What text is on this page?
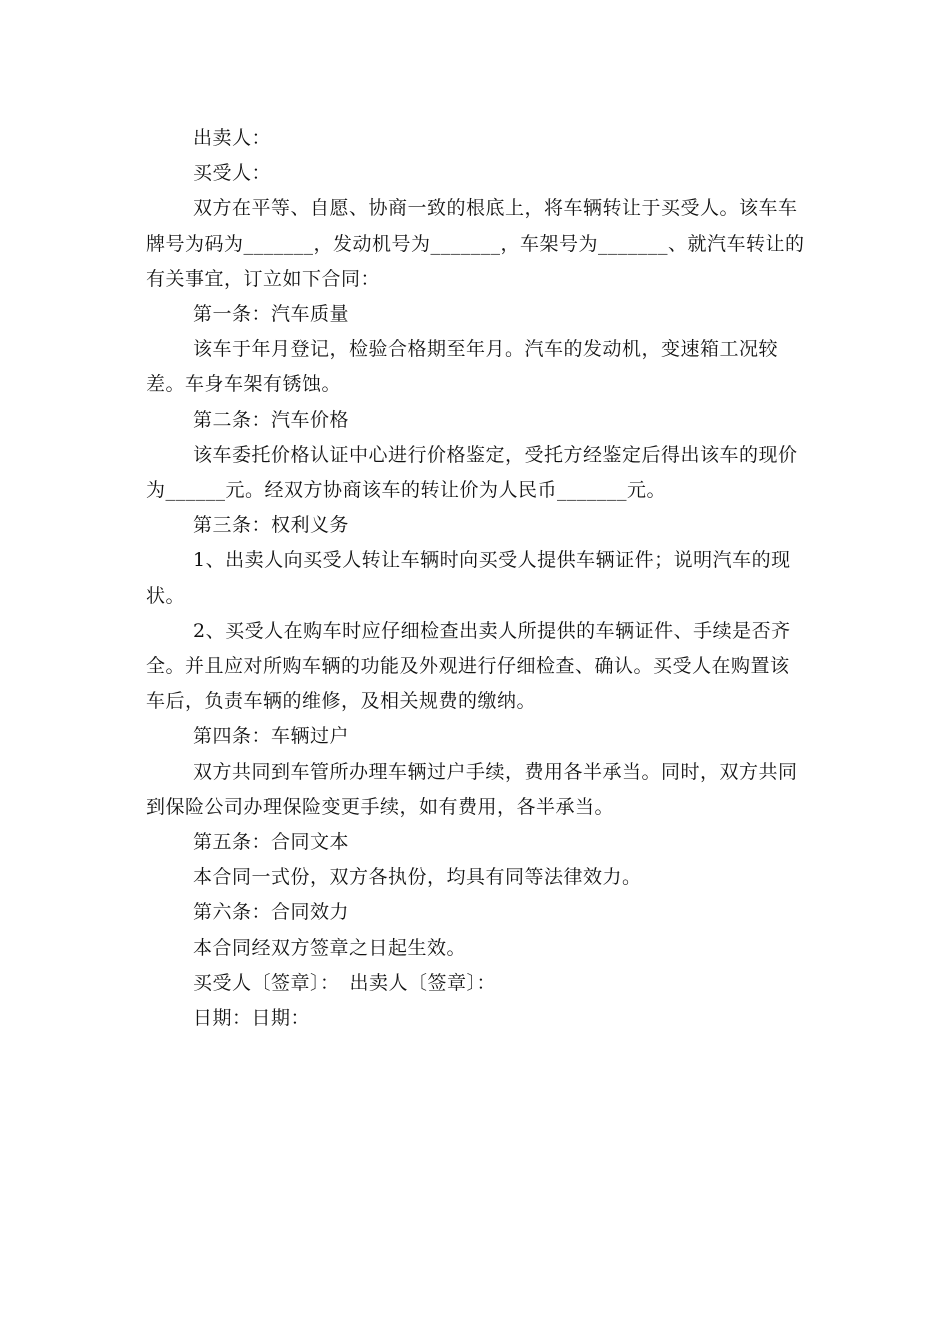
出卖人：

买受人：

双方在平等、自愿、协商一致的根底上，将车辆转让于买受人。该车车牌号为码为_______，发动机号为_______，车架号为_______、就汽车转让的有关事宜，订立如下合同：

第一条：汽车质量

该车于年月登记，检验合格期至年月。汽车的发动机，变速箱工况较差。车身车架有锈蚀。

第二条：汽车价格

该车委托价格认证中心进行价格鉴定，受托方经鉴定后得出该车的现价为______元。经双方协商该车的转让价为人民币_______元。

第三条：权利义务

1、出卖人向买受人转让车辆时向买受人提供车辆证件；说明汽车的现状。

2、买受人在购车时应仔细检查出卖人所提供的车辆证件、手续是否齐全。并且应对所购车辆的功能及外观进行仔细检查、确认。买受人在购置该车后，负责车辆的维修，及相关规费的缴纳。

第四条：车辆过户

双方共同到车管所办理车辆过户手续，费用各半承当。同时，双方共同到保险公司办理保险变更手续，如有费用，各半承当。

第五条：合同文本

本合同一式份，双方各执份，均具有同等法律效力。

第六条：合同效力

本合同经双方签章之日起生效。

买受人〔签章〕：　出卖人〔签章〕：

日期：日期：
